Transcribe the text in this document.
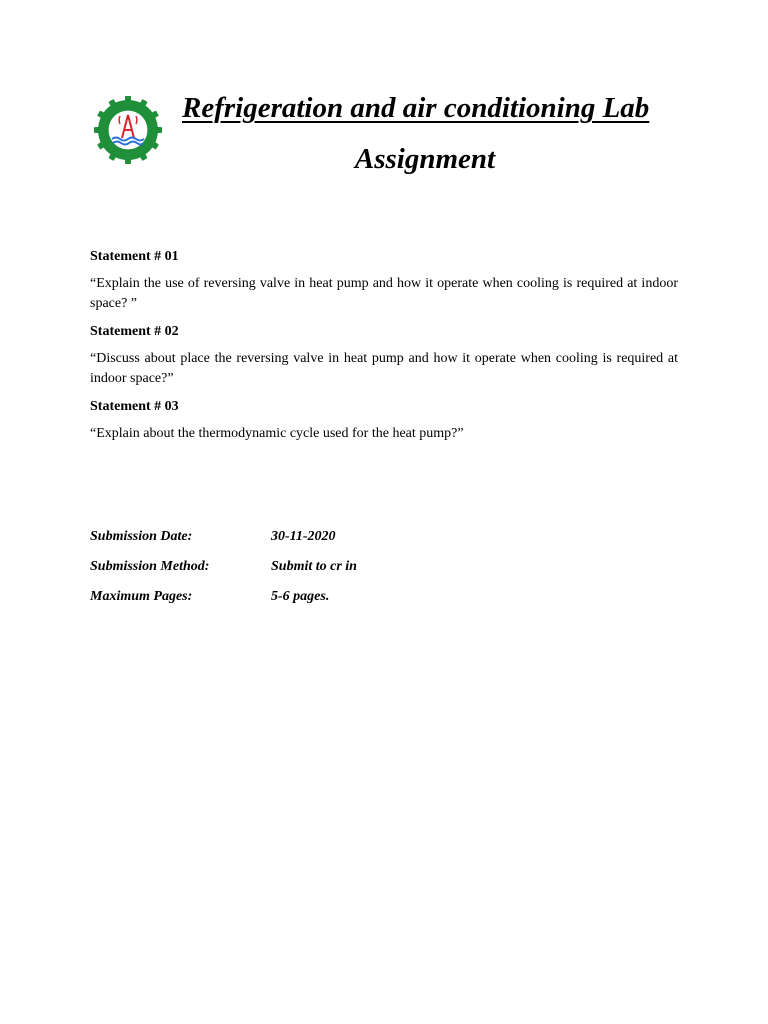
Refrigeration and air conditioning Lab
Assignment

Statement # 01

“Explain the use of reversing valve in heat pump and how it operate when cooling is required at indoor space? ”

Statement # 02

“Discuss about place the reversing valve in heat pump and how it operate when cooling is required at indoor space?”

Statement # 03

“Explain about the thermodynamic cycle used for the heat pump?”

Submission Date:	30-11-2020
Submission Method:	Submit to cr in
Maximum Pages:	5-6 pages.
